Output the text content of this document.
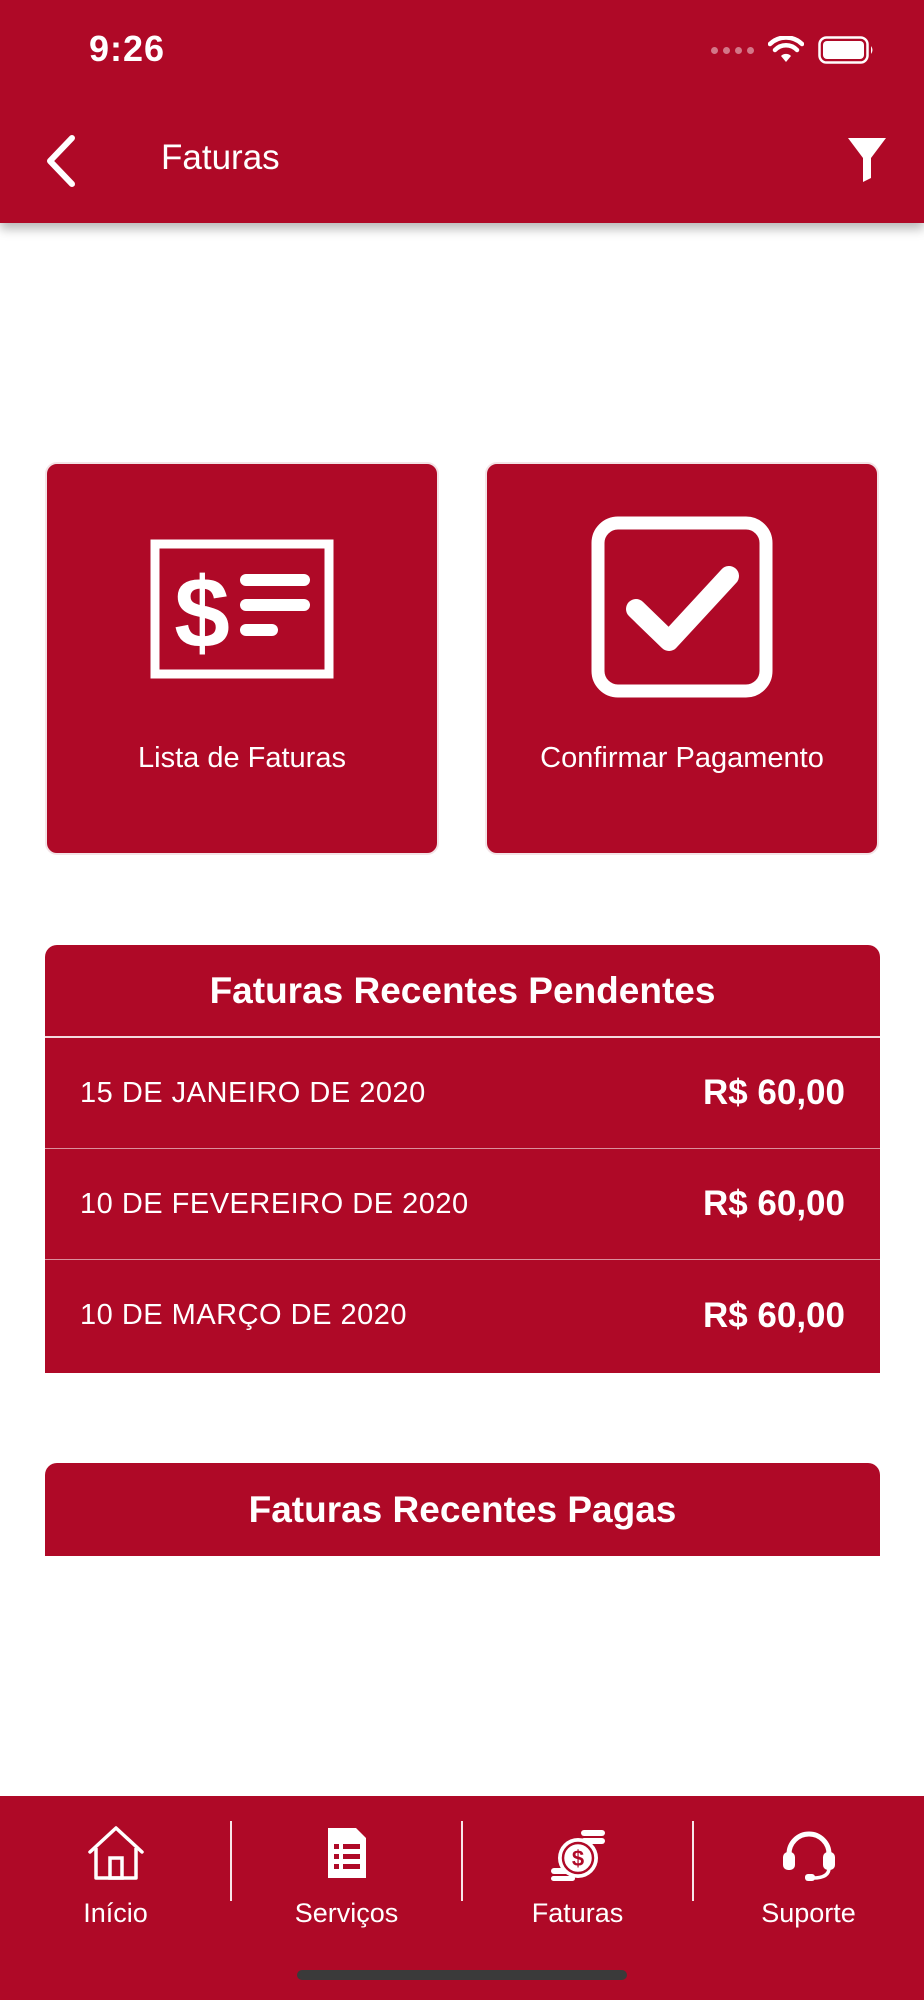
9:26
Faturas
$
Lista de Faturas	Confirmar Pagamento
Faturas Recentes Pendentes
15 DE JANEIRO DE 2020	R$ 60,00
10 DE FEVEREIRO DE 2020	R$ 60,00
10 DE MARÇO DE 2020	R$ 60,00
Faturas Recentes Pagas
Início	Serviços
$
Faturas	Suporte
